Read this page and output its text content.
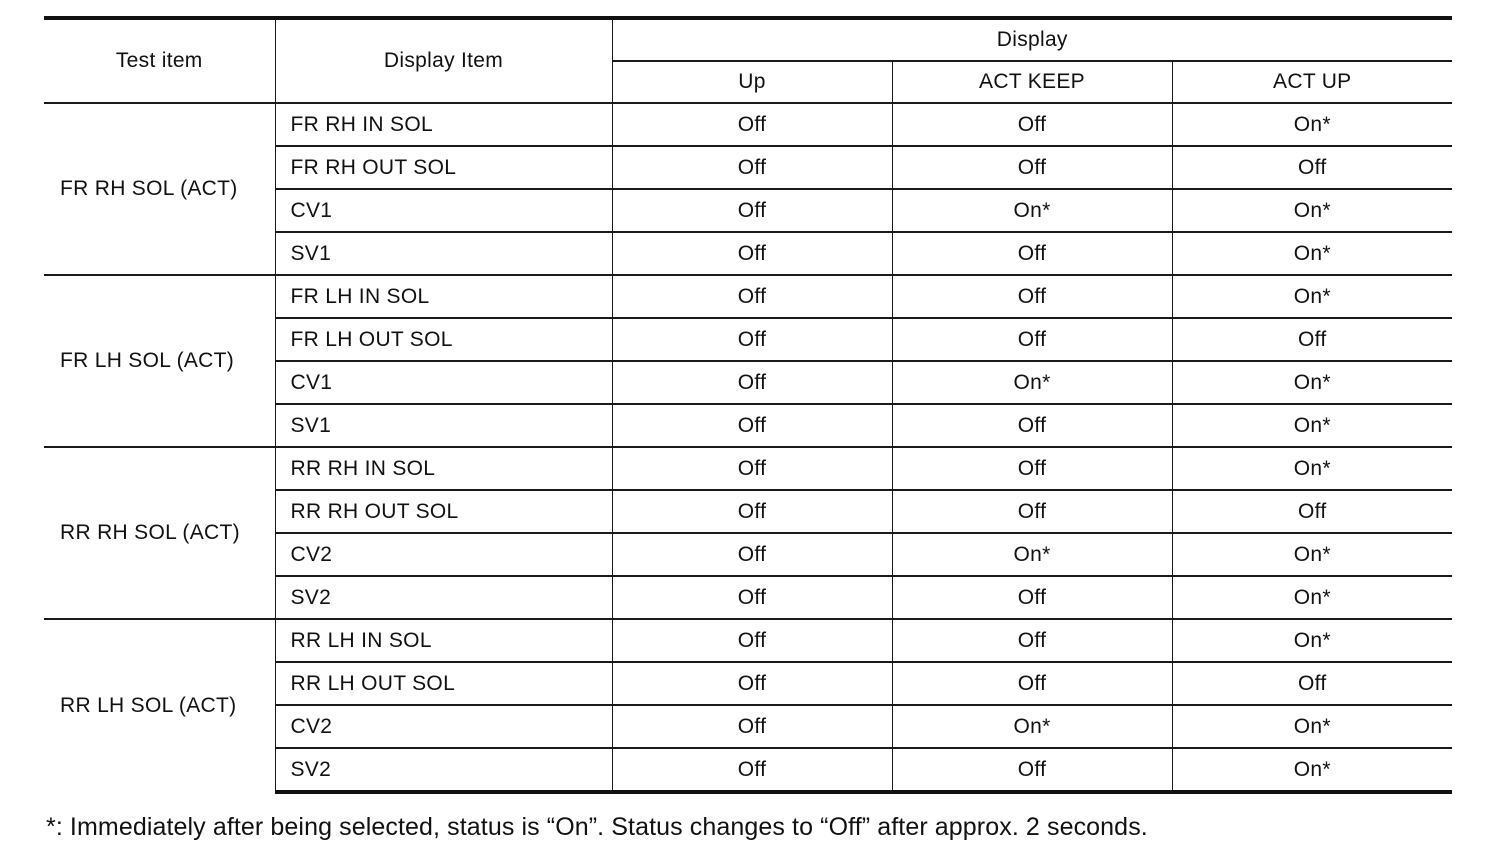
Test item	Display Item	Display		
		Up	ACT KEEP	ACT UP
FR RH SOL (ACT)	FR RH IN SOL	Off	Off	On*
	FR RH OUT SOL	Off	Off	Off
	CV1	Off	On*	On*
	SV1	Off	Off	On*
FR LH SOL (ACT)	FR LH IN SOL	Off	Off	On*
	FR LH OUT SOL	Off	Off	Off
	CV1	Off	On*	On*
	SV1	Off	Off	On*
RR RH SOL (ACT)	RR RH IN SOL	Off	Off	On*
	RR RH OUT SOL	Off	Off	Off
	CV2	Off	On*	On*
	SV2	Off	Off	On*
RR LH SOL (ACT)	RR LH IN SOL	Off	Off	On*
	RR LH OUT SOL	Off	Off	Off
	CV2	Off	On*	On*
	SV2	Off	Off	On*
*: Immediately after being selected, status is “On”. Status changes to “Off” after approx. 2 seconds.
